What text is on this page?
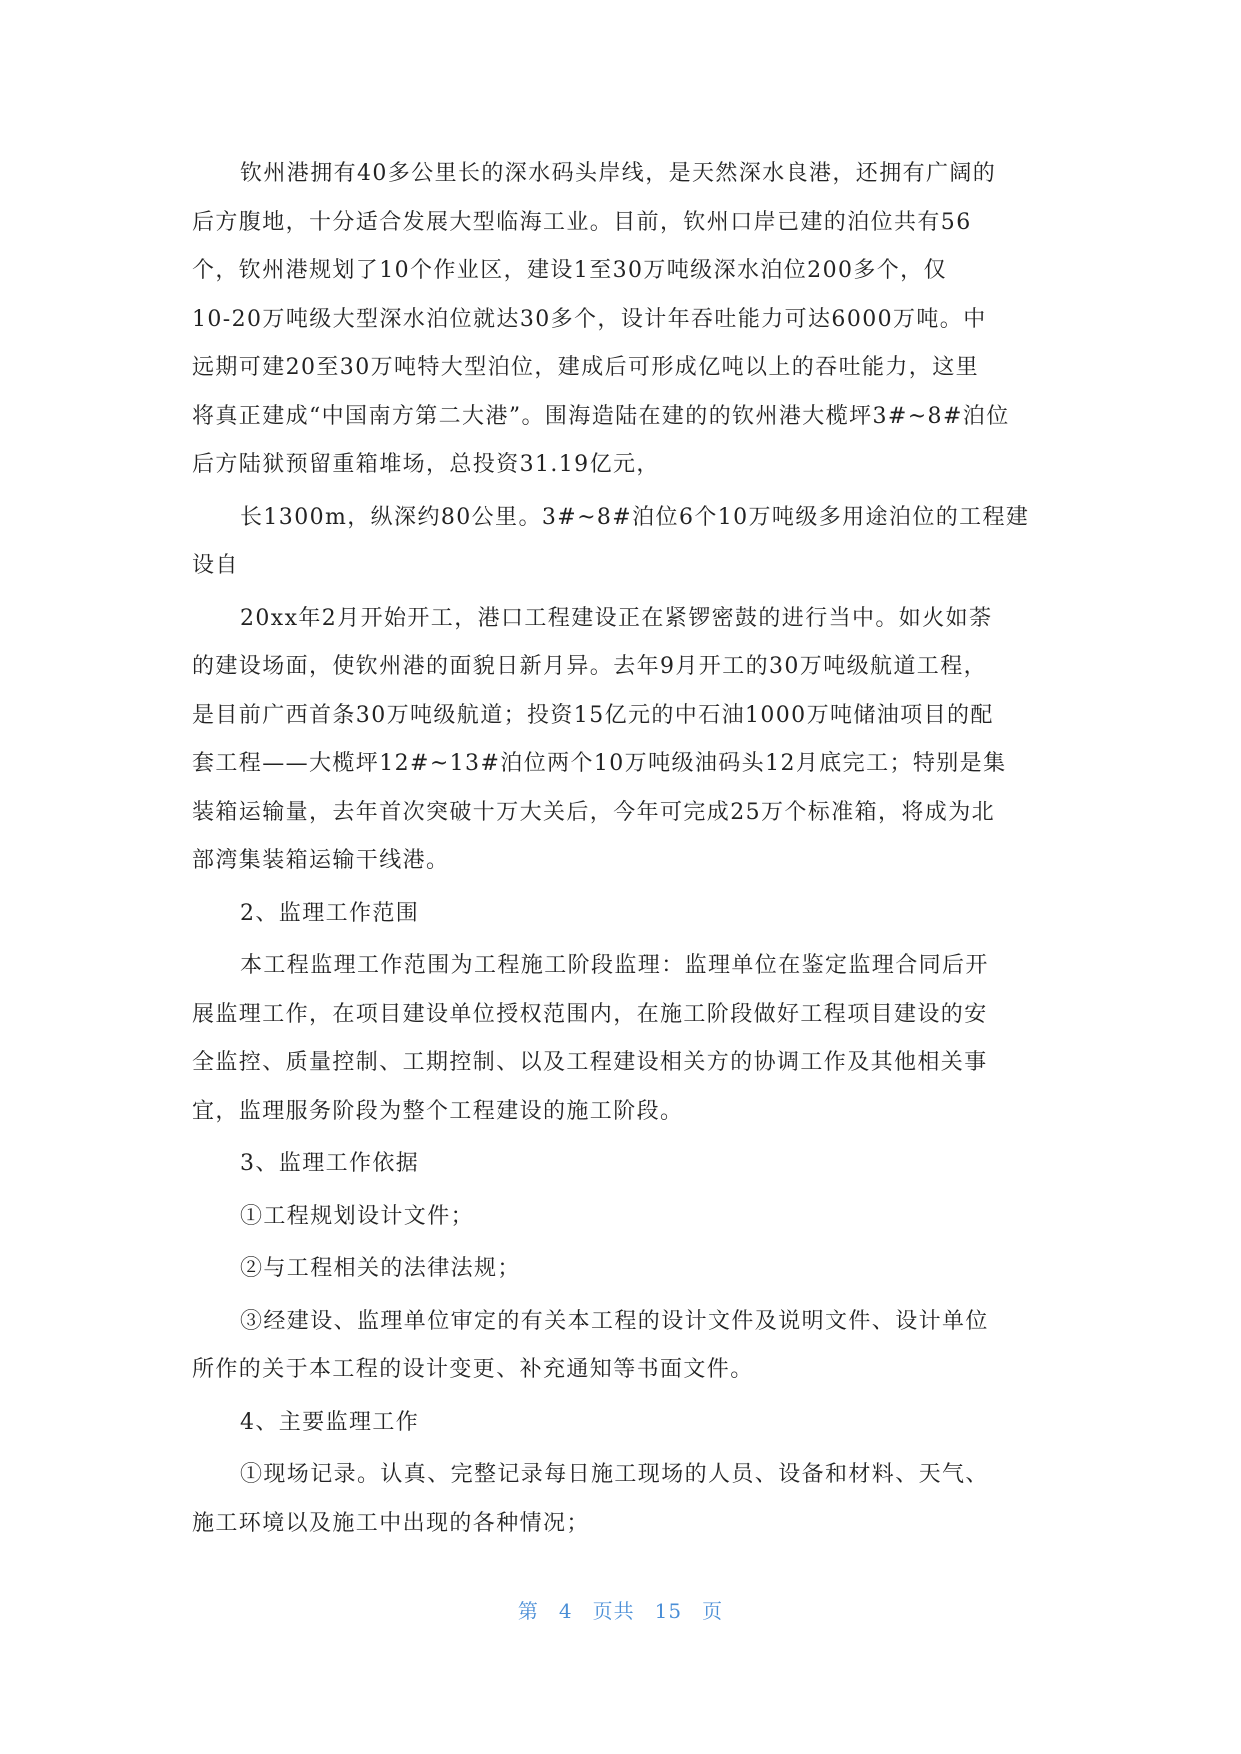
钦州港拥有40多公里长的深水码头岸线，是天然深水良港，还拥有广阔的
后方腹地，十分适合发展大型临海工业。目前，钦州口岸已建的泊位共有56
个，钦州港规划了10个作业区，建设1至30万吨级深水泊位200多个，仅
10-20万吨级大型深水泊位就达30多个，设计年吞吐能力可达6000万吨。中
远期可建20至30万吨特大型泊位，建成后可形成亿吨以上的吞吐能力，这里
将真正建成“中国南方第二大港”。围海造陆在建的的钦州港大榄坪3#~8#泊位
后方陆狱预留重箱堆场，总投资31.19亿元，

长1300m，纵深约80公里。3#~8#泊位6个10万吨级多用途泊位的工程建
设自

20xx年2月开始开工，港口工程建设正在紧锣密鼓的进行当中。如火如荼
的建设场面，使钦州港的面貌日新月异。去年9月开工的30万吨级航道工程，
是目前广西首条30万吨级航道；投资15亿元的中石油1000万吨储油项目的配
套工程——大榄坪12#~13#泊位两个10万吨级油码头12月底完工；特别是集
装箱运输量，去年首次突破十万大关后，今年可完成25万个标准箱，将成为北
部湾集装箱运输干线港。

2、监理工作范围

本工程监理工作范围为工程施工阶段监理：监理单位在鉴定监理合同后开
展监理工作，在项目建设单位授权范围内，在施工阶段做好工程项目建设的安
全监控、质量控制、工期控制、以及工程建设相关方的协调工作及其他相关事
宜，监理服务阶段为整个工程建设的施工阶段。

3、监理工作依据

①工程规划设计文件；

②与工程相关的法律法规；

③经建设、监理单位审定的有关本工程的设计文件及说明文件、设计单位
所作的关于本工程的设计变更、补充通知等书面文件。

4、主要监理工作

①现场记录。认真、完整记录每日施工现场的人员、设备和材料、天气、
施工环境以及施工中出现的各种情况；

第 4 页共 15 页
